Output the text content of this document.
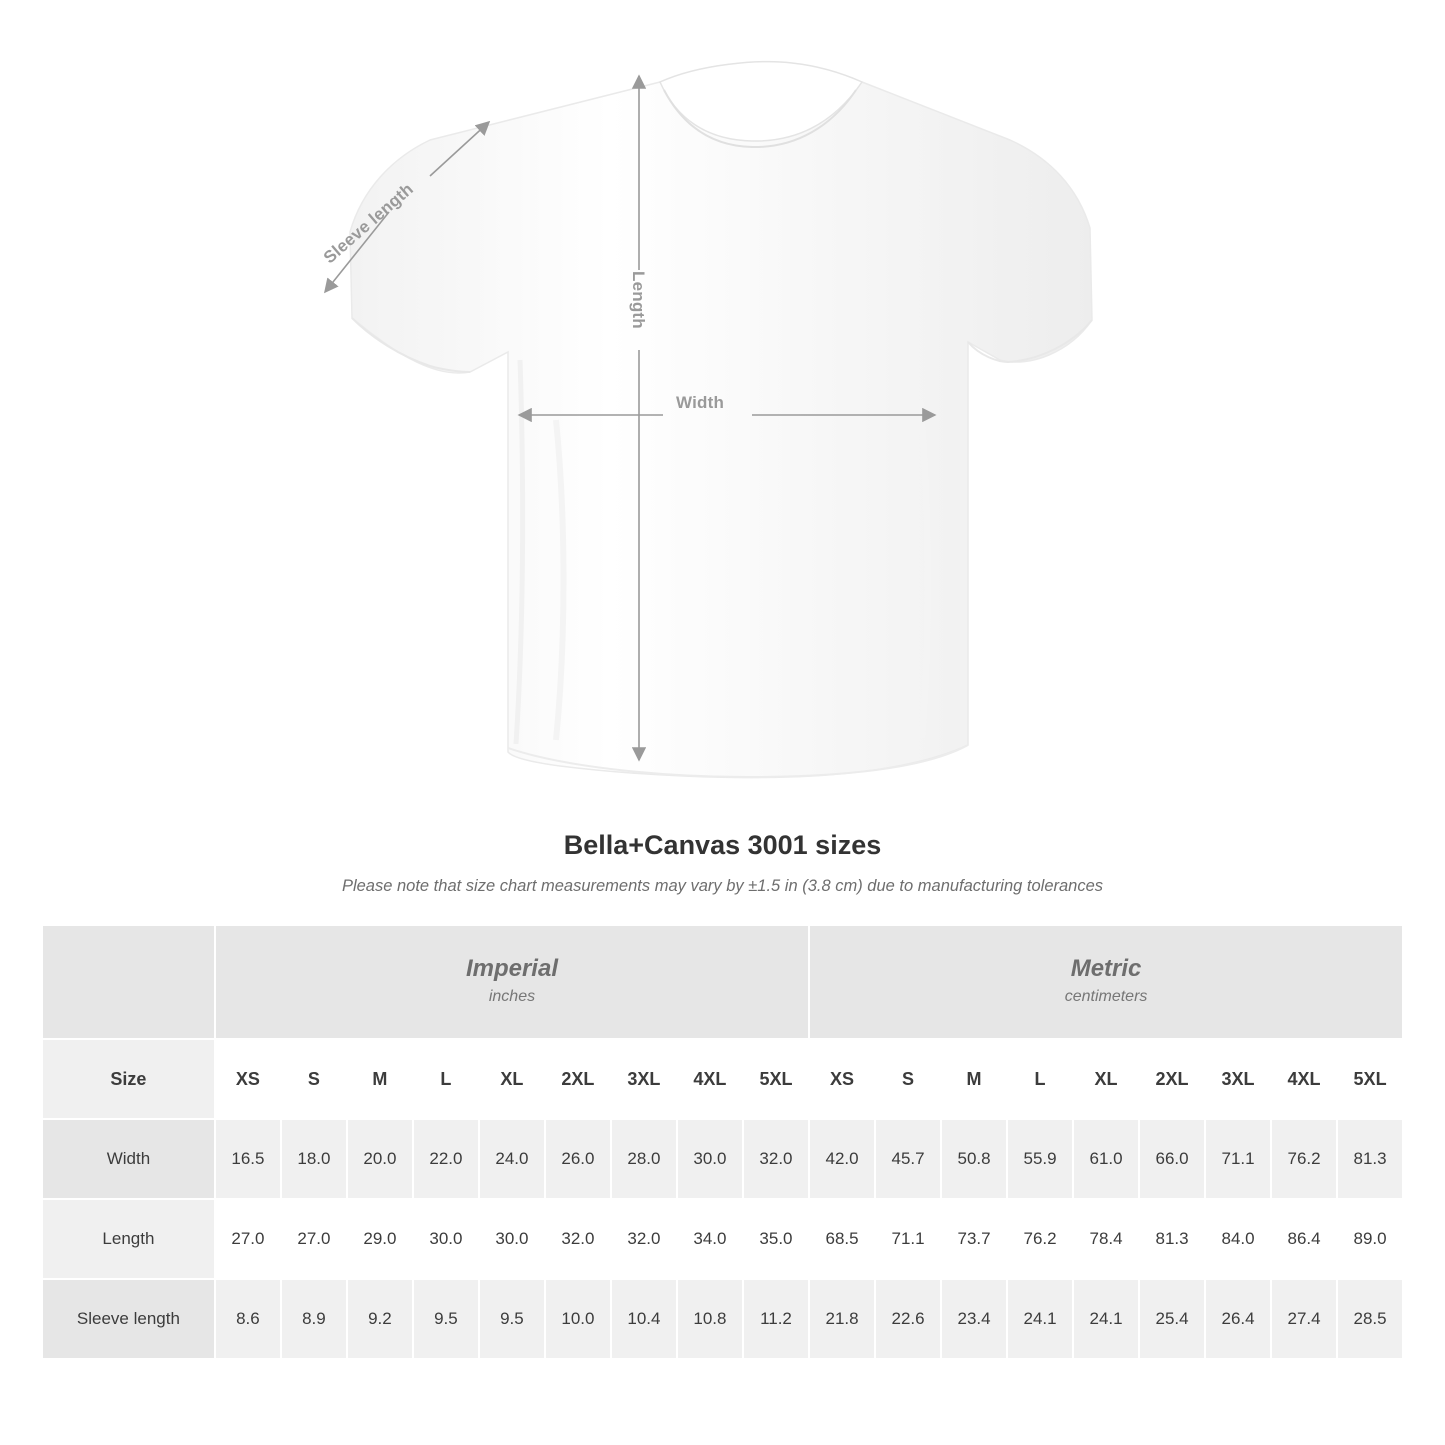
Width
Length
Sleeve length
Bella+Canvas 3001 sizes
Please note that size chart measurements may vary by ±1.5 in (3.8 cm) due to manufacturing tolerances

Imperial
inches

Metric
centimeters

Size	XS	S	M	L	XL	2XL	3XL	4XL	5XL	XS	S	M	L	XL	2XL	3XL	4XL	5XL
Width	16.5	18.0	20.0	22.0	24.0	26.0	28.0	30.0	32.0	42.0	45.7	50.8	55.9	61.0	66.0	71.1	76.2	81.3
Length	27.0	27.0	29.0	30.0	30.0	32.0	32.0	34.0	35.0	68.5	71.1	73.7	76.2	78.4	81.3	84.0	86.4	89.0
Sleeve length	8.6	8.9	9.2	9.5	9.5	10.0	10.4	10.8	11.2	21.8	22.6	23.4	24.1	24.1	25.4	26.4	27.4	28.5
